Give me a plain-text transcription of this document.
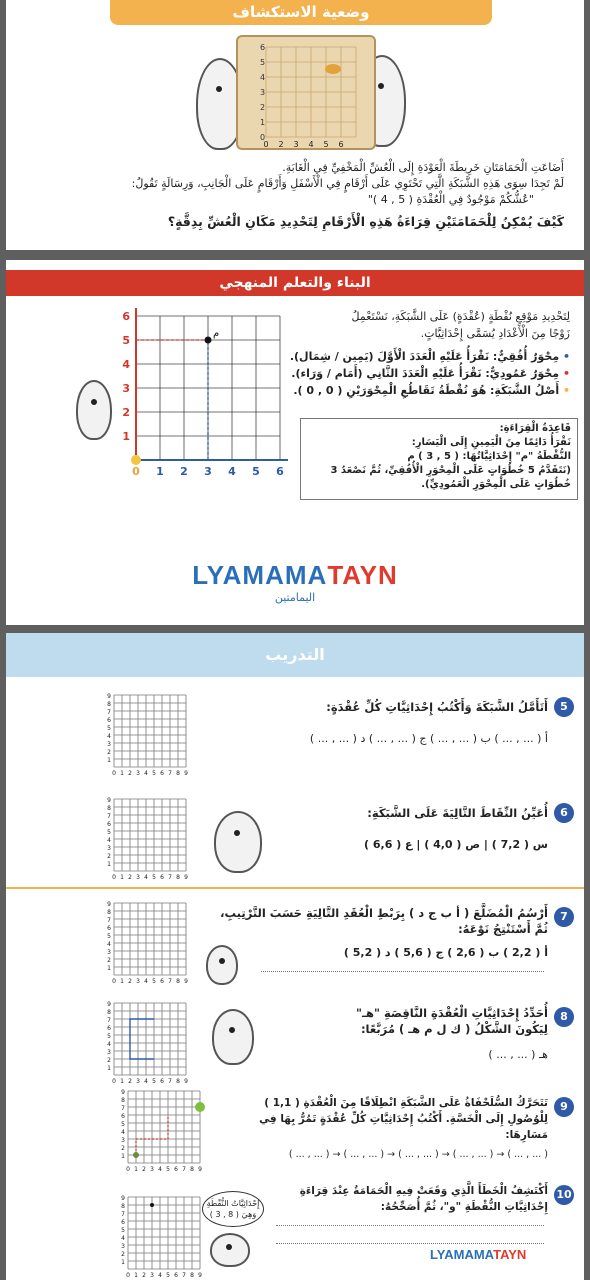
وضعية الاستكشاف
0 2 3 4 5 6
0
1
2
3
4
5
6
أَضَاعَتِ الْحَمَامَتَانِ خَرِيطَةَ الْعَوْدَةِ إِلَى الْعُشِّ الْمَخْفِيِّ فِي الْغَابَةِ.
لَمْ تَجِدَا سِوَى هَذِهِ الشَّبَكَةِ الَّتِي تَحْتَوِي عَلَى أَرْقَامٍ فِي الْأَسْفَلِ وَأَرْقَامٍ عَلَى الْجَانِبِ، وَرِسَالَةٍ تَقُولُ:
"عُشُّكُمْ مَوْجُودٌ فِي الْعُقْدَةِ ( 5 , 4 )"
كَيْفَ يُمْكِنُ لِلْحَمَامَتَيْنِ قِرَاءَةُ هَذِهِ الْأَرْقَامِ لِتَحْدِيدِ مَكَانِ الْعُشِّ بِدِقَّةٍ؟
البناء والتعلم المنهجي
0 1 2 3 4 5 6
1
2
3
4
5
6
م
لِتَحْدِيدِ مَوْقِعِ نُقْطَةٍ (عُقْدَةٍ) عَلَى الشَّبَكَةِ، نَسْتَعْمِلُ
زَوْجًا مِنَ الْأَعْدَادِ يُسَمَّى إِحْدَاثِيَّاتٍ.
• مِحْوَرٌ أُفُقِيٌّ: نَقْرَأُ عَلَيْهِ الْعَدَدَ الْأَوَّلَ (يَمِين / شِمَال).
• مِحْوَرٌ عَمُودِيٌّ: نَقْرَأُ عَلَيْهِ الْعَدَدَ الثَّانِي (أَمَام / وَرَاء).
• أَصْلُ الشَّبَكَةِ: هُوَ نُقْطَةُ تَقَاطُعِ الْمِحْوَرَيْنِ ( 0 , 0 ).
قَاعِدَةُ الْقِرَاءَةِ:
نَقْرَأُ دَائِمًا مِنَ الْيَمِينِ إِلَى الْيَسَارِ:
النُّقْطَةُ "م" إِحْدَاثِيَّاتُهَا: ( 5 , 3 ) م
(نَتَقَدَّمُ 5 خُطُوَاتٍ عَلَى الْمِحْوَرِ الْأُفُقِيِّ، ثُمَّ نَصْعَدُ 3
خُطُوَاتٍ عَلَى الْمِحْوَرِ الْعَمُودِيِّ).
LYAMAMATAYN
اليمامتين
التدريب
0 1 2 3 4 5 6 7 8 9
1
2
3
4
5
6
7
8
9
5
أَتَأَمَّلُ الشَّبَكَةَ وَأَكْتُبُ إِحْدَاثِيَّاتِ كُلِّ عُقْدَةٍ:
أ ( ... , ... ) ب ( ... , ... ) ج ( ... , ... ) د ( ... , ... )
0 1 2 3 4 5 6 7 8 9
1
2
3
4
5
6
7
8
9
6
أُعَيِّنُ النِّقَاطَ التَّالِيَةَ عَلَى الشَّبَكَةِ:
س ( 7,2 ) | ص ( 4,0 ) | ع ( 6,6 )
0 1 2 3 4 5 6 7 8 9
1
2
3
4
5
6
7
8
9
7
أَرْسُمُ الْمُضَلَّعَ ( أ ب ج د ) بِرَبْطِ الْعُقَدِ التَّالِيَةِ حَسَبَ التَّرْتِيبِ،
ثُمَّ أَسْتَنْتِجُ نَوْعَهُ:
أ ( 2,2 ) ب ( 2,6 ) ج ( 5,6 ) د ( 5,2 )
0 1 2 3 4 5 6 7 8 9
1
2
3
4
5
6
7
8
9
8
أُحَدِّدُ إِحْدَاثِيَّاتِ الْعُقْدَةِ النَّاقِصَةِ "هـ"
لِيَكُونَ الشَّكْلُ ( ك ل م هـ ) مُرَبَّعًا:
هـ ( ... , ... )
0 1 2 3 4 5 6 7 8 9
1
2
3
4
5
6
7
8
9
9
تَتَحَرَّكُ السُّلَحْفَاةُ عَلَى الشَّبَكَةِ انْطِلَاقًا مِنَ الْعُقْدَةِ ( 1,1 )
لِلْوُصُولِ إِلَى الْخَسَّةِ. أَكْتُبُ إِحْدَاثِيَّاتِ كُلِّ عُقْدَةٍ تَمُرُّ بِهَا فِي
مَسَارِهَا:
( ... , ... ) → ( ... , ... ) → ( ... , ... ) → ( ... , ... ) → ( ... , ... )
0 1 2 3 4 5 6 7 8 9
1
2
3
4
5
6
7
8
9
إِحْدَاثِيَّاتُ النُّقْطَةِ وَهِيَ ( 8 , 3 )
10
أَكْتَشِفُ الْخَطَأَ الَّذِي وَقَعَتْ فِيهِ الْحَمَامَةُ عِنْدَ قِرَاءَةِ
إِحْدَاثِيَّاتِ النُّقْطَةِ "و"، ثُمَّ أُصَحِّحُهُ:
LYAMAMATAYN
